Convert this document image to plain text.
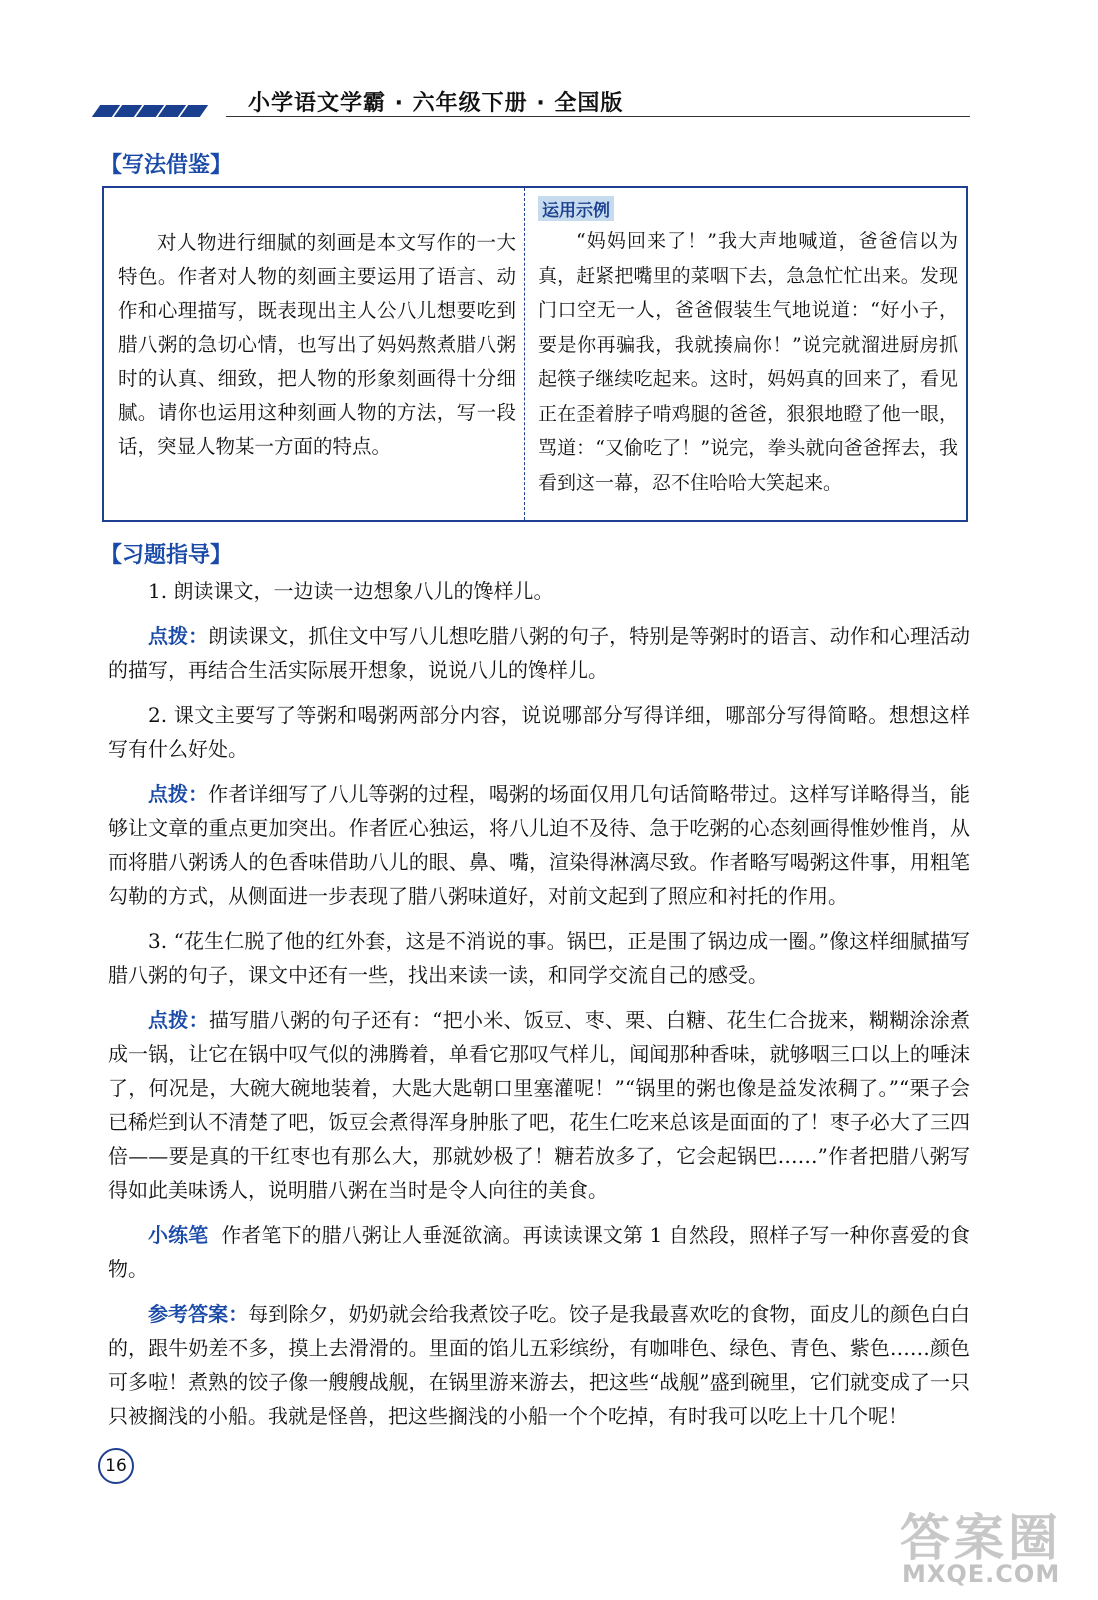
小学语文学霸 · 六年级下册 · 全国版
【写法借鉴】
对人物进行细腻的刻画是本文写作的一大特色。作者对人物的刻画主要运用了语言、动作和心理描写，既表现出主人公八儿想要吃到腊八粥的急切心情，也写出了妈妈熬煮腊八粥时的认真、细致，把人物的形象刻画得十分细腻。请你也运用这种刻画人物的方法，写一段话，突显人物某一方面的特点。
运用示例
“妈妈回来了！”我大声地喊道，爸爸信以为真，赶紧把嘴里的菜咽下去，急急忙忙出来。发现门口空无一人，爸爸假装生气地说道：“好小子，要是你再骗我，我就揍扁你！”说完就溜进厨房抓起筷子继续吃起来。这时，妈妈真的回来了，看见正在歪着脖子啃鸡腿的爸爸，狠狠地瞪了他一眼，骂道：“又偷吃了！”说完，拳头就向爸爸挥去，我看到这一幕，忍不住哈哈大笑起来。
【习题指导】

1. 朗读课文，一边读一边想象八儿的馋样儿。

点拨：朗读课文，抓住文中写八儿想吃腊八粥的句子，特别是等粥时的语言、动作和心理活动的描写，再结合生活实际展开想象，说说八儿的馋样儿。

2. 课文主要写了等粥和喝粥两部分内容，说说哪部分写得详细，哪部分写得简略。想想这样写有什么好处。

点拨：作者详细写了八儿等粥的过程，喝粥的场面仅用几句话简略带过。这样写详略得当，能够让文章的重点更加突出。作者匠心独运，将八儿迫不及待、急于吃粥的心态刻画得惟妙惟肖，从而将腊八粥诱人的色香味借助八儿的眼、鼻、嘴，渲染得淋漓尽致。作者略写喝粥这件事，用粗笔勾勒的方式，从侧面进一步表现了腊八粥味道好，对前文起到了照应和衬托的作用。

3. “花生仁脱了他的红外套，这是不消说的事。锅巴，正是围了锅边成一圈。”像这样细腻描写腊八粥的句子，课文中还有一些，找出来读一读，和同学交流自己的感受。

点拨：描写腊八粥的句子还有：“把小米、饭豆、枣、栗、白糖、花生仁合拢来，糊糊涂涂煮成一锅，让它在锅中叹气似的沸腾着，单看它那叹气样儿，闻闻那种香味，就够咽三口以上的唾沫了，何况是，大碗大碗地装着，大匙大匙朝口里塞灌呢！”“锅里的粥也像是益发浓稠了。”“栗子会已稀烂到认不清楚了吧，饭豆会煮得浑身肿胀了吧，花生仁吃来总该是面面的了！枣子必大了三四倍——要是真的干红枣也有那么大，那就妙极了！糖若放多了，它会起锅巴……”作者把腊八粥写得如此美味诱人，说明腊八粥在当时是令人向往的美食。

小练笔 作者笔下的腊八粥让人垂涎欲滴。再读读课文第 1 自然段，照样子写一种你喜爱的食物。

参考答案：每到除夕，奶奶就会给我煮饺子吃。饺子是我最喜欢吃的食物，面皮儿的颜色白白的，跟牛奶差不多，摸上去滑滑的。里面的馅儿五彩缤纷，有咖啡色、绿色、青色、紫色……颜色可多啦！煮熟的饺子像一艘艘战舰，在锅里游来游去，把这些“战舰”盛到碗里，它们就变成了一只只被搁浅的小船。我就是怪兽，把这些搁浅的小船一个个吃掉，有时我可以吃上十几个呢！

16
答案圈
MXQE.COM
